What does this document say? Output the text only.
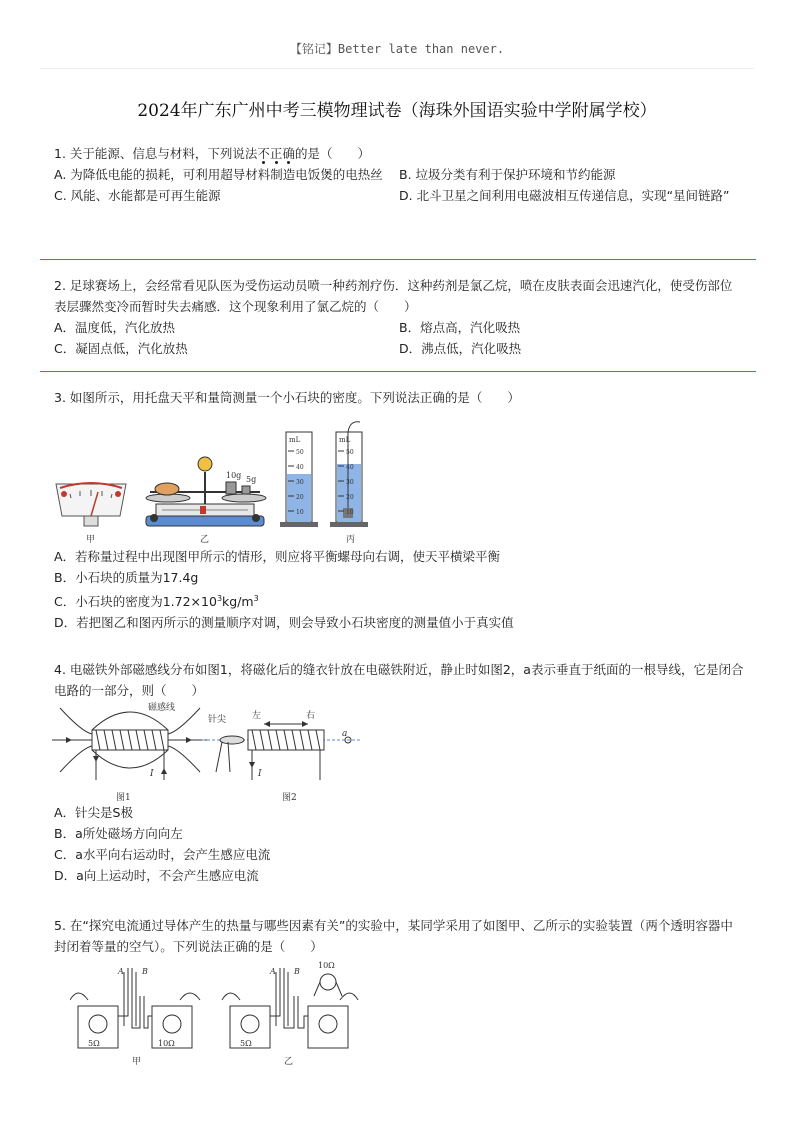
【铭记】Better late than never.
2024年广东广州中考三模物理试卷（海珠外国语实验中学附属学校）
1. 关于能源、信息与材料，下列说法不正确的是（　　）
A. 为降低电能的损耗，可利用超导材料制造电饭煲的电热丝	B. 垃圾分类有利于保护环境和节约能源
C. 风能、水能都是可再生能源	D. 北斗卫星之间利用电磁波相互传递信息，实现“星间链路”
2. 足球赛场上，会经常看见队医为受伤运动员喷一种药剂疗伤．这种药剂是氯乙烷，喷在皮肤表面会迅速汽化，使受伤部位表层骤然变冷而暂时失去痛感．这个现象利用了氯乙烷的（　　）
A．温度低，汽化放热	B．熔点高，汽化吸热
C．凝固点低，汽化放热	D．沸点低，汽化吸热
3. 如图所示，用托盘天平和量筒测量一个小石块的密度。下列说法正确的是（　　）
甲
10g 5g
乙
mL	mL
50
40
30
20
10
50
40
30
20
10
丙
A．若称量过程中出现图甲所示的情形，则应将平衡螺母向右调，使天平横梁平衡
B．小石块的质量为17.4g
C．小石块的密度为$1.72\times 10^3kg/m^3$
D．若把图乙和图丙所示的测量顺序对调，则会导致小石块密度的测量值小于真实值
4. 电磁铁外部磁感线分布如图1，将磁化后的缝衣针放在电磁铁附近，静止时如图2，a表示垂直于纸面的一根导线，它是闭合电路的一部分，则（　　）
磁感线
I
图1
针尖	左	右
a
I
图2
A．针尖是S极
B．a所处磁场方向向左
C．a水平向右运动时，会产生感应电流
D．a向上运动时，不会产生感应电流
5. 在“探究电流通过导体产生的热量与哪些因素有关”的实验中，某同学采用了如图甲、乙所示的实验装置（两个透明容器中封闭着等量的空气）。下列说法正确的是（　　）
A B
5Ω	10Ω
甲
A B
10Ω
5Ω
乙
